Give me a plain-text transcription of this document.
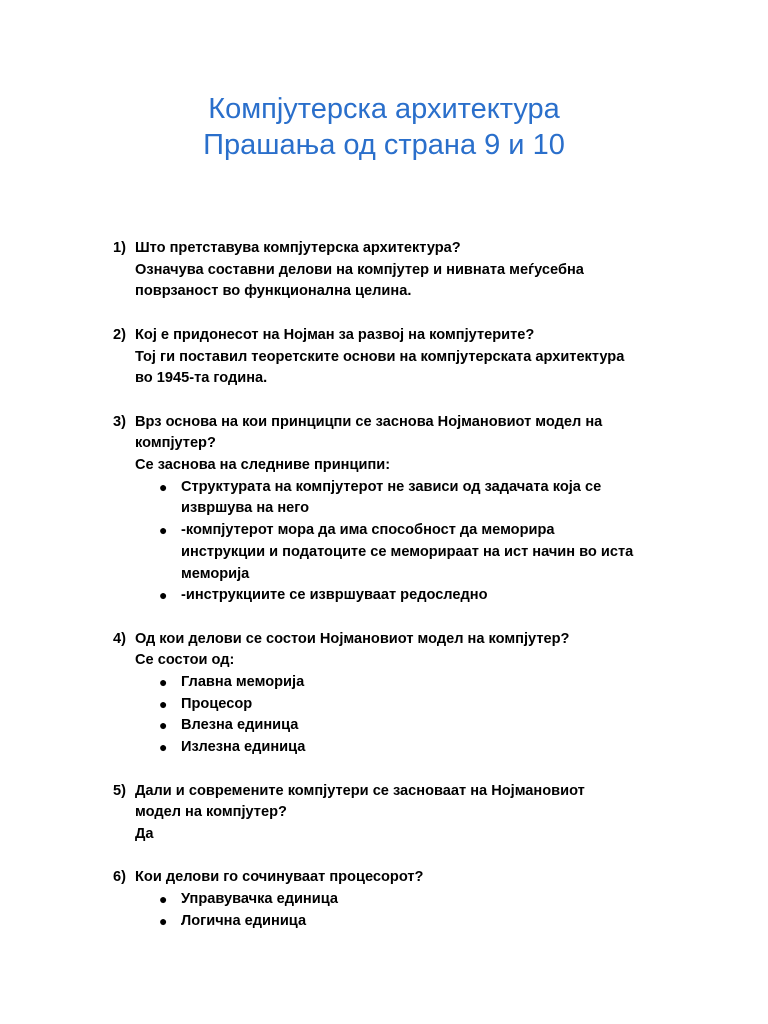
Компјутерска архитектура
Прашања од страна 9 и 10
1) Што претставува компјутерска архитектура?
Означува составни делови на компјутер и нивната меѓусебна
поврзаност во функционална целина.
2) Кој е придонесот на Нојман за развој на компјутерите?
Тој ги поставил теоретските основи на компјутерската архитектура
во 1945-та година.
3) Врз основа на кои принцицпи се заснова Нојмановиот модел на
компјутер?
Се заснова на следниве принципи:
● Структурата на компјутерот не зависи од задачата која се
извршува на него
● -компјутерот мора да има способност да меморира
инструкции и податоците се меморираат на ист начин во иста
меморија
● -инструкциите се извршуваат редоследно
4) Од кои делови се состои Нојмановиот модел на компјутер?
Се состои од:
● Главна меморија
● Процесор
● Влезна единица
● Излезна единица
5) Дали и современите компјутери се засноваат на Нојмановиот
модел на компјутер?
Да
6) Кои делови го сочинуваат процесорот?
● Управувачка единица
● Логична единица
